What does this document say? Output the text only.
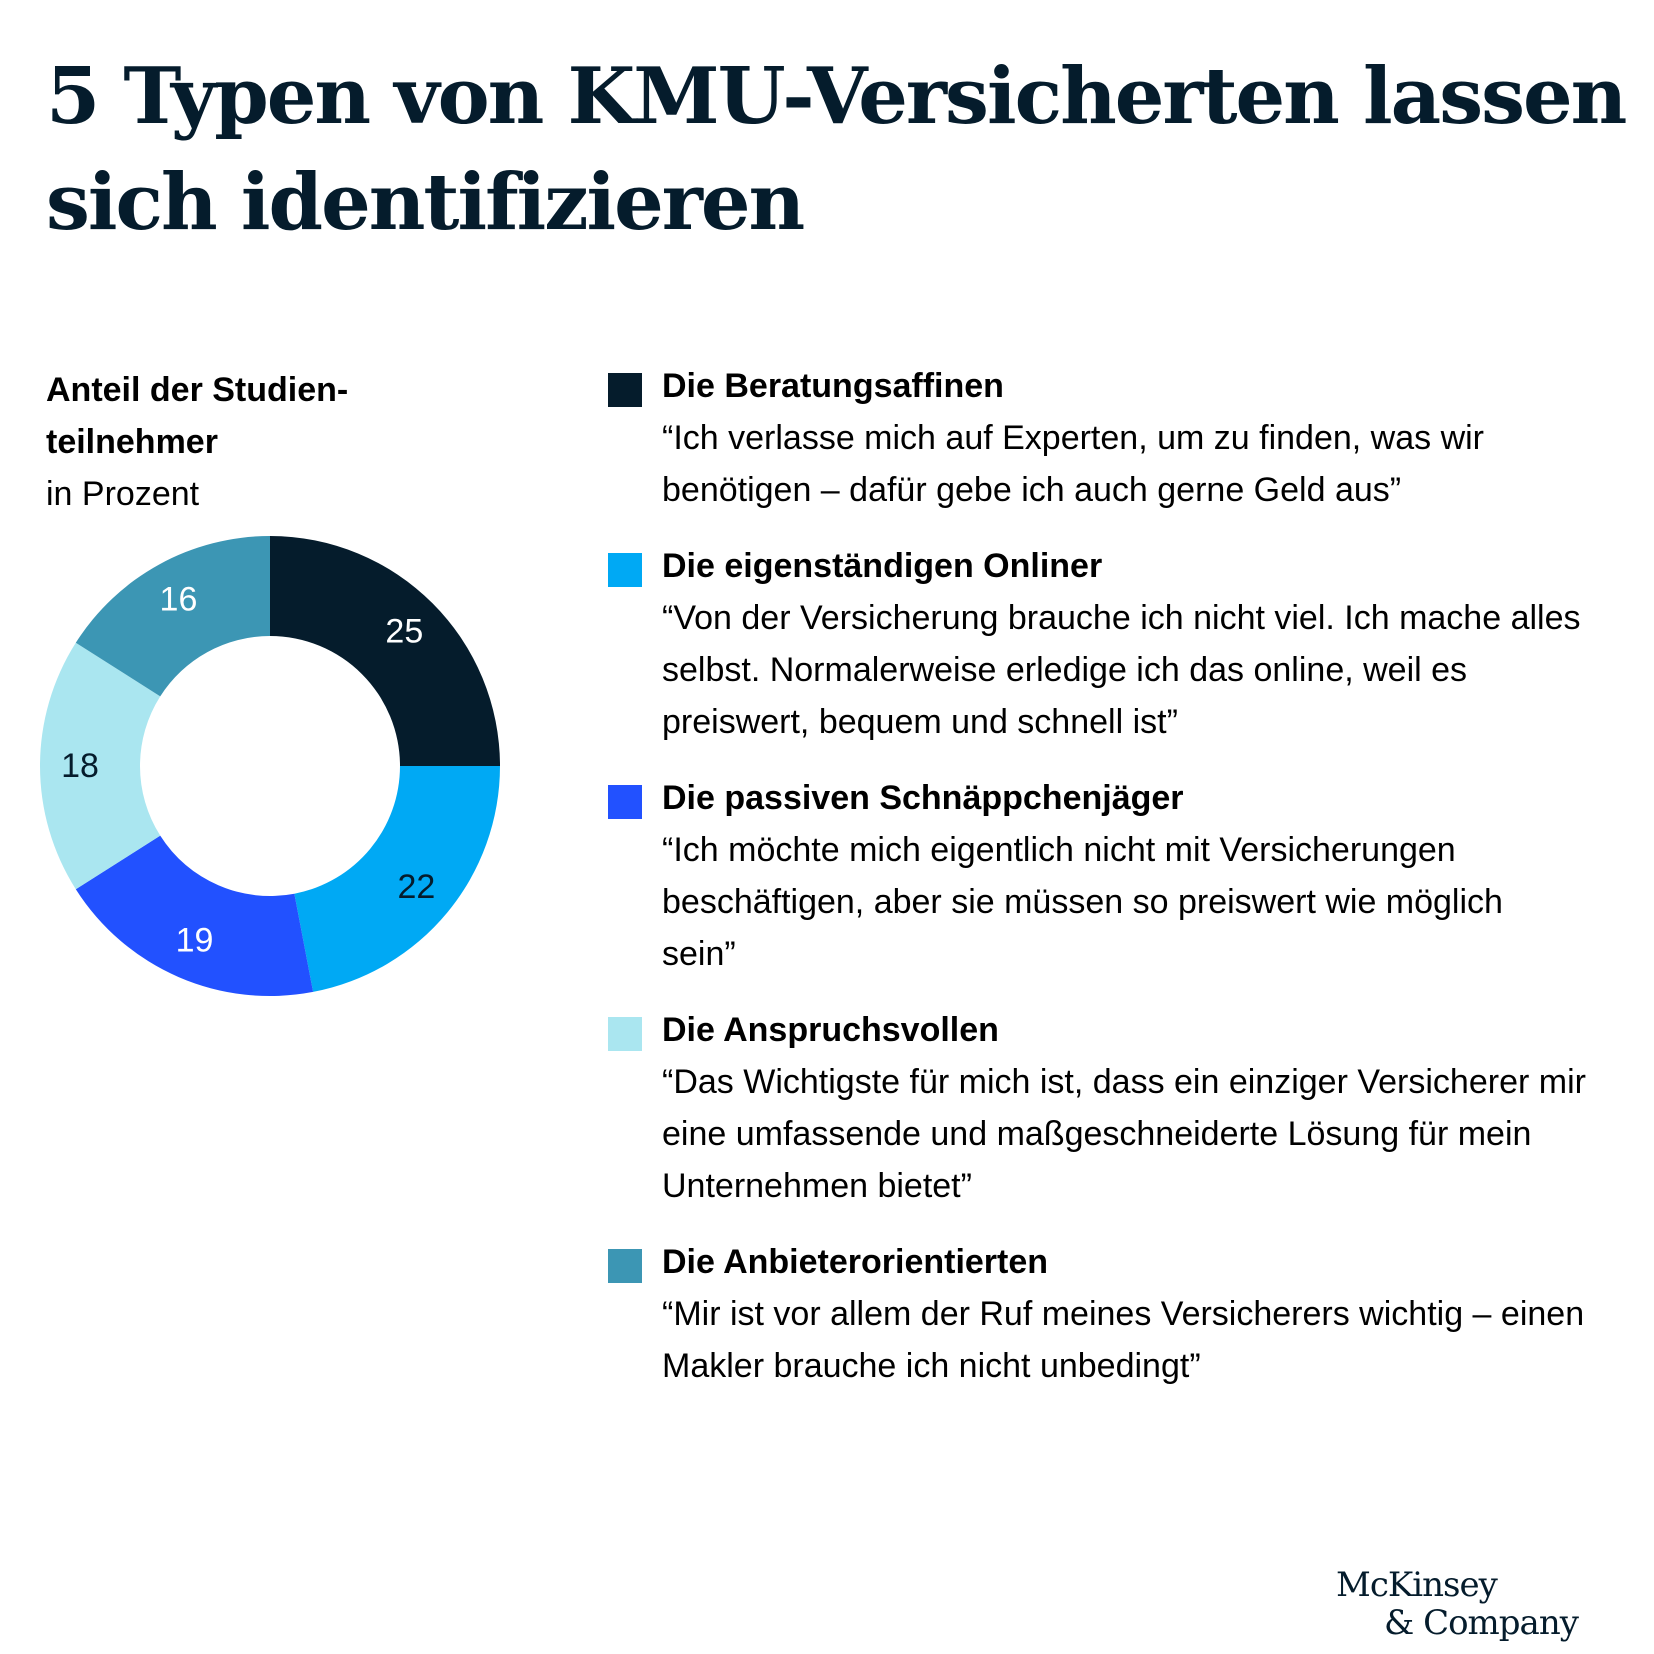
5 Typen von KMU-Versicherten lassen sich identifizieren
Anteil der Studien-teilnehmer
in Prozent
25
22
19
18
16
Die Beratungsaffinen
“Ich verlasse mich auf Experten, um zu finden, was wir benötigen – dafür gebe ich auch gerne Geld aus”
Die eigenständigen Onliner
“Von der Versicherung brauche ich nicht viel. Ich mache alles selbst. Normalerweise erledige ich das online, weil es preiswert, bequem und schnell ist”
Die passiven Schnäppchenjäger
“Ich möchte mich eigentlich nicht mit Versicherungen beschäftigen, aber sie müssen so preiswert wie möglich sein”
Die Anspruchsvollen
“Das Wichtigste für mich ist, dass ein einziger Versicherer mir eine umfassende und maßgeschneiderte Lösung für mein Unternehmen bietet”
Die Anbieterorientierten
“Mir ist vor allem der Ruf meines Versicherers wichtig – einen Makler brauche ich nicht unbedingt”
McKinsey
& Company
